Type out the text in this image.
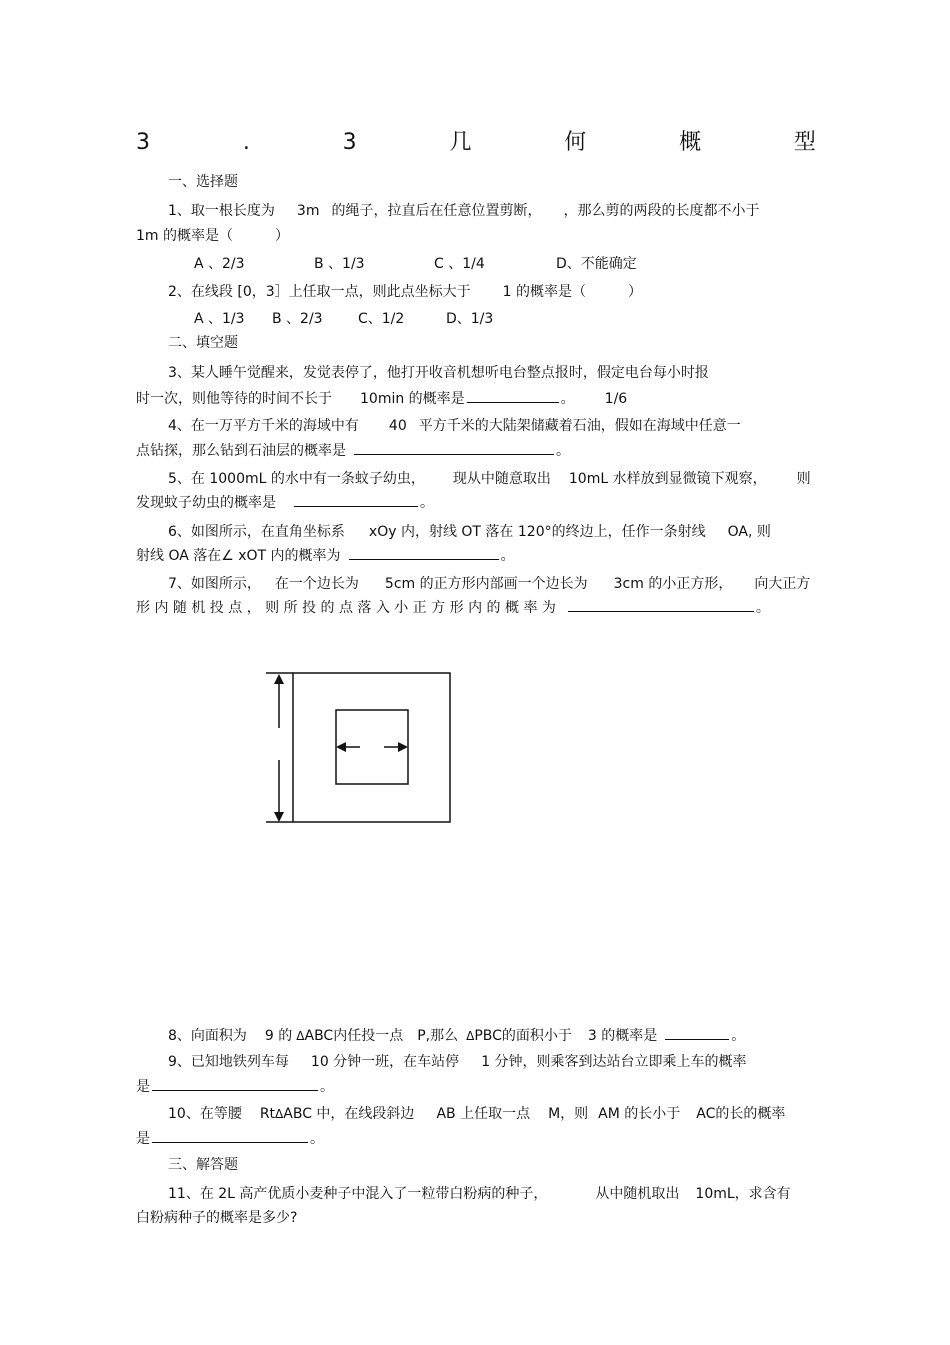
3	.	3	几	何	概	型
一、选择题
1、取一根长度为 3m 的绳子，拉直后在任意位置剪断， ，那么剪的两段的长度都不小于
1m 的概率是（　　　）
A 、2/3	B 、1/3	C 、1/4	D、不能确定
2、在线段 [0，3］上任取一点，则此点坐标大于 1 的概率是（　　　）
A 、1/3 B 、2/3	C、1/2	D、1/3
二、填空题
3、某人睡午觉醒来，发觉表停了，他打开收音机想听电台整点报时，假定电台每小时报
时一次，则他等待的时间不长于 10min 的概率是	。 1/6
4、在一万平方千米的海域中有 40 平方千米的大陆架储藏着石油，假如在海域中任意一
点钻探，那么钻到石油层的概率是	。
5、在 1000mL 的水中有一条蚊子幼虫， 现从中随意取出 10mL 水样放到显微镜下观察， 则
发现蚊子幼虫的概率是	。
6、如图所示，在直角坐标系 xOy 内，射线 OT 落在 120°的终边上，任作一条射线 OA, 则
射线 OA 落在∠ xOT 内的概率为	。
7、如图所示， 在一个边长为 5cm 的正方形内部画一个边长为 3cm 的小正方形， 向大正方
形 内 随 机 投 点 ， 则 所 投 的 点 落 入 小 正 方 形 内 的 概 率 为	。
8、向面积为 9 的 ΔABC内任投一点 P,那么 ΔPBC的面积小于 3 的概率是	。
9、已知地铁列车每 10 分钟一班，在车站停 1 分钟，则乘客到达站台立即乘上车的概率
是	。
10、在等腰 RtΔABC 中，在线段斜边 AB 上任取一点 M，则 AM 的长小于 AC的长的概率
是	。
三、解答题
11、在 2L 高产优质小麦种子中混入了一粒带白粉病的种子，	从中随机取出 10mL，求含有
白粉病种子的概率是多少?
